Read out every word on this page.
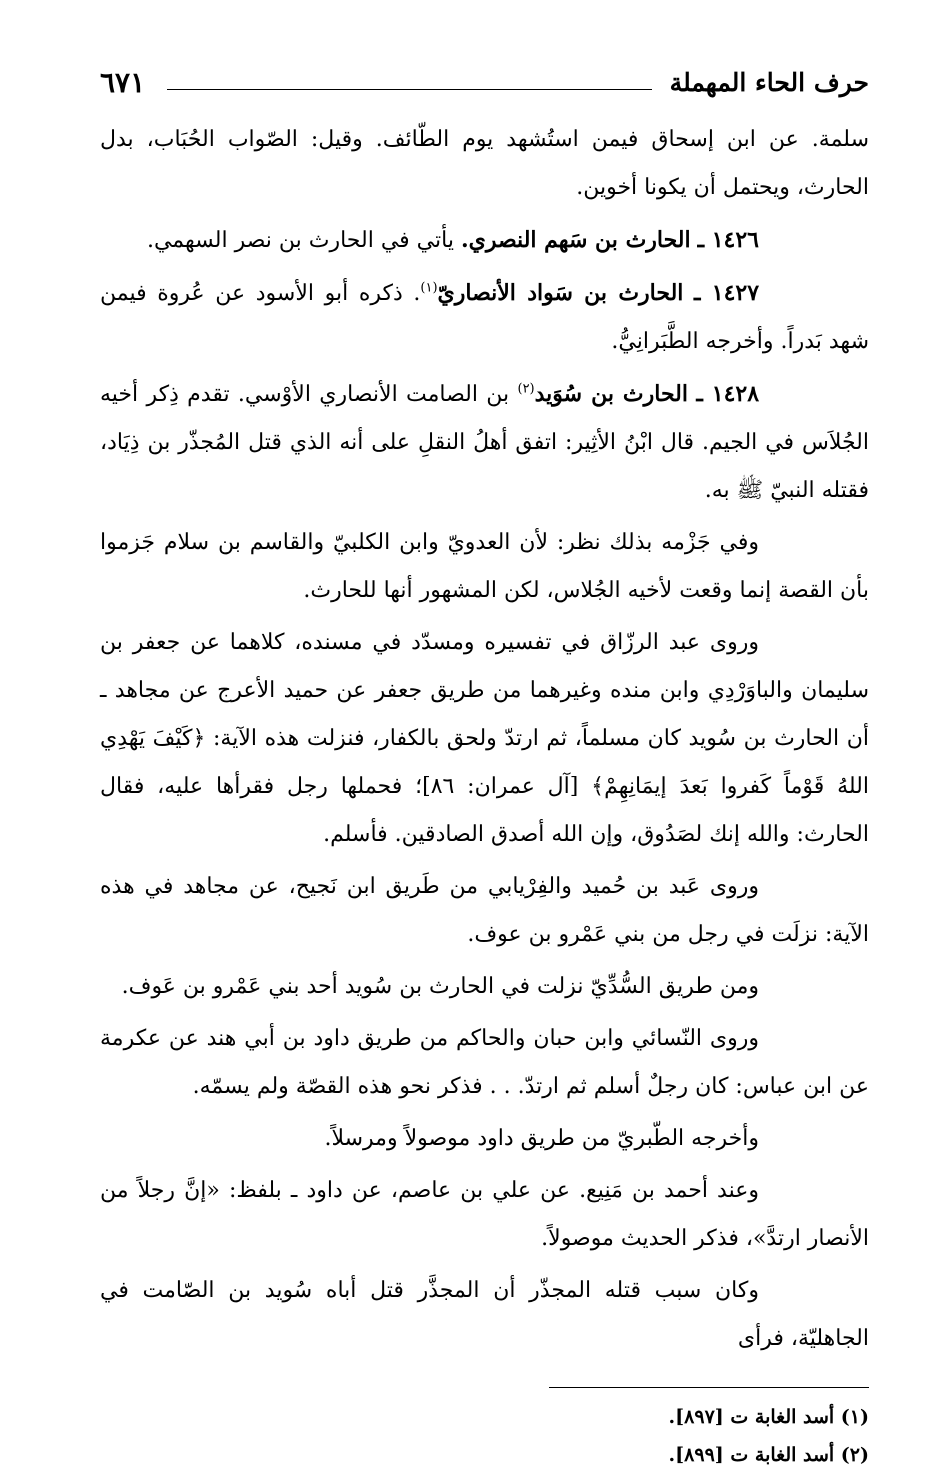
حرف الحاء المهملة
٦٧١

سلمة. عن ابن إسحاق فيمن استُشهد يوم الطّائف. وقيل: الصّواب الحُبَاب، بدل الحارث، ويحتمل أن يكونا أخوين.

١٤٢٦ ـ الحارث بن سَهم النصري. يأتي في الحارث بن نصر السهمي.

١٤٢٧ ـ الحارث بن سَواد الأنصاريّ$^{(١)}$. ذكره أبو الأسود عن عُروة فيمن شهد بَدراً. وأخرجه الطَّبَرانِيُّ.

١٤٢٨ ـ الحارث بن سُوَيد$^{(٢)}$ بن الصامت الأنصاري الأوْسي. تقدم ذِكر أخيه الجُلاَس في الجيم. قال ابْنُ الأثِير: اتفق أهلُ النقلِ على أنه الذي قتل المُجذّر بن ذِيَاد، فقتله النبيّ ﷺ به.

وفي جَزْمه بذلك نظر: لأن العدويّ وابن الكلبيّ والقاسم بن سلام جَزموا بأن القصة إنما وقعت لأخيه الجُلاس، لكن المشهور أنها للحارث.

وروى عبد الرزّاق في تفسيره ومسدّد في مسنده، كلاهما عن جعفر بن سليمان والباوَرْدِي وابن منده وغيرهما من طريق جعفر عن حميد الأعرج عن مجاهد ـ أن الحارث بن سُويد كان مسلماً، ثم ارتدّ ولحق بالكفار، فنزلت هذه الآية: ﴿كَيْفَ يَهْدِي اللهُ قَوْماً كَفروا بَعدَ إيمَانِهِمْ﴾ [آل عمران: ٨٦]؛ فحملها رجل فقرأها عليه، فقال الحارث: والله إنك لصَدُوق، وإن الله أصدق الصادقين. فأسلم.

وروى عَبد بن حُميد والفِرْيابي من طَريق ابن نَجيح، عن مجاهد في هذه الآية: نزلَت في رجل من بني عَمْرو بن عوف.

ومن طريق السُّدِّيّ نزلت في الحارث بن سُويد أحد بني عَمْرو بن عَوف.

وروى النّسائي وابن حبان والحاكم من طريق داود بن أبي هند عن عكرمة عن ابن عباس: كان رجلٌ أسلم ثم ارتدّ. . . فذكر نحو هذه القصّة ولم يسمّه.

وأخرجه الطّبريّ من طريق داود موصولاً ومرسلاً.

وعند أحمد بن مَنِيع. عن علي بن عاصم، عن داود ـ بلفظ: «إنَّ رجلاً من الأنصار ارتدَّ»، فذكر الحديث موصولاً.

وكان سبب قتله المجذّر أن المجذَّر قتل أباه سُويد بن الصّامت في الجاهليّة، فرأى

(١) أسد الغابة ت [٨٩٧].

(٢) أسد الغابة ت [٨٩٩].
